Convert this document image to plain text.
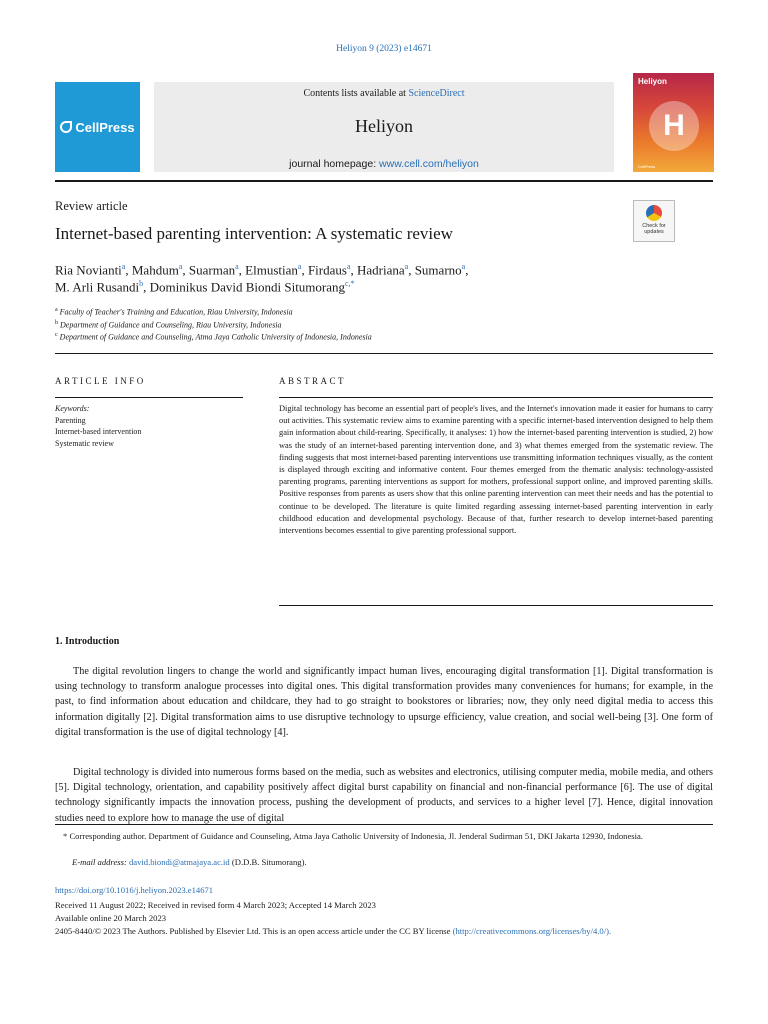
Heliyon 9 (2023) e14671
CellPress
Contents lists available at ScienceDirect
Heliyon
journal homepage: www.cell.com/heliyon
Heliyon
H
CellPress
Review article
Internet-based parenting intervention: A systematic review	Check for updates
Ria Novianti$^a$, Mahdum$^a$, Suarman$^a$, Elmustian$^a$, Firdaus$^a$, Hadriana$^a$, Sumarno$^a$,
M. Arli Rusandi$^b$, Dominikus David Biondi Situmorang$^{c,*}$
$^a$ Faculty of Teacher's Training and Education, Riau University, Indonesia
$^b$ Department of Guidance and Counseling, Riau University, Indonesia
$^c$ Department of Guidance and Counseling, Atma Jaya Catholic University of Indonesia, Indonesia
ARTICLE INFO	ABSTRACT
Keywords:
Parenting
Internet-based intervention
Systematic review
Digital technology has become an essential part of people's lives, and the Internet's innovation made it easier for humans to carry out activities. This systematic review aims to examine parenting with a specific internet-based intervention designed to help them gain information about child-rearing. Specifically, it analyses: 1) how the internet-based parenting intervention is studied, 2) how was the study of an internet-based parenting intervention done, and 3) what themes emerged from the systematic review. The finding suggests that most internet-based parenting interventions use transmitting information techniques visually, as the content is displayed through exciting and informative content. Four themes emerged from the thematic analysis: technology-assisted parenting programs, parenting interventions as support for mothers, professional support online, and improved parenting skills. Positive responses from parents as users show that this online parenting intervention can meet their needs and has the potential to continue to be developed. The literature is quite limited regarding assessing internet-based parenting intervention in early childhood education and developmental psychology. Because of that, further research to develop internet-based parenting interventions becomes essential to give parenting professional support.
1. Introduction
The digital revolution lingers to change the world and significantly impact human lives, encouraging digital transformation [1]. Digital transformation is using technology to transform analogue processes into digital ones. This digital transformation provides many conveniences for humans; for example, in the past, to find information about education and childcare, they had to go straight to bookstores or libraries; now, they only need digital media to access this information digitally [2]. Digital transformation aims to use disruptive technology to upsurge efficiency, value creation, and social well-being [3]. One form of digital transformation is the use of digital technology [4].
Digital technology is divided into numerous forms based on the media, such as websites and electronics, utilising computer media, mobile media, and others [5]. Digital technology, orientation, and capability positively affect digital burst capability on financial and non-financial performance [6]. The use of digital technology significantly impacts the innovation process, pushing the development of products, and services to a higher level [7]. Hence, digital innovation studies need to explore how to manage the use of digital
* Corresponding author. Department of Guidance and Counseling, Atma Jaya Catholic University of Indonesia, Jl. Jenderal Sudirman 51, DKI Jakarta 12930, Indonesia.
E-mail address: david.biondi@atmajaya.ac.id (D.D.B. Situmorang).
https://doi.org/10.1016/j.heliyon.2023.e14671
Received 11 August 2022; Received in revised form 4 March 2023; Accepted 14 March 2023
Available online 20 March 2023
2405-8440/© 2023 The Authors. Published by Elsevier Ltd. This is an open access article under the CC BY license (http://creativecommons.org/licenses/by/4.0/).
